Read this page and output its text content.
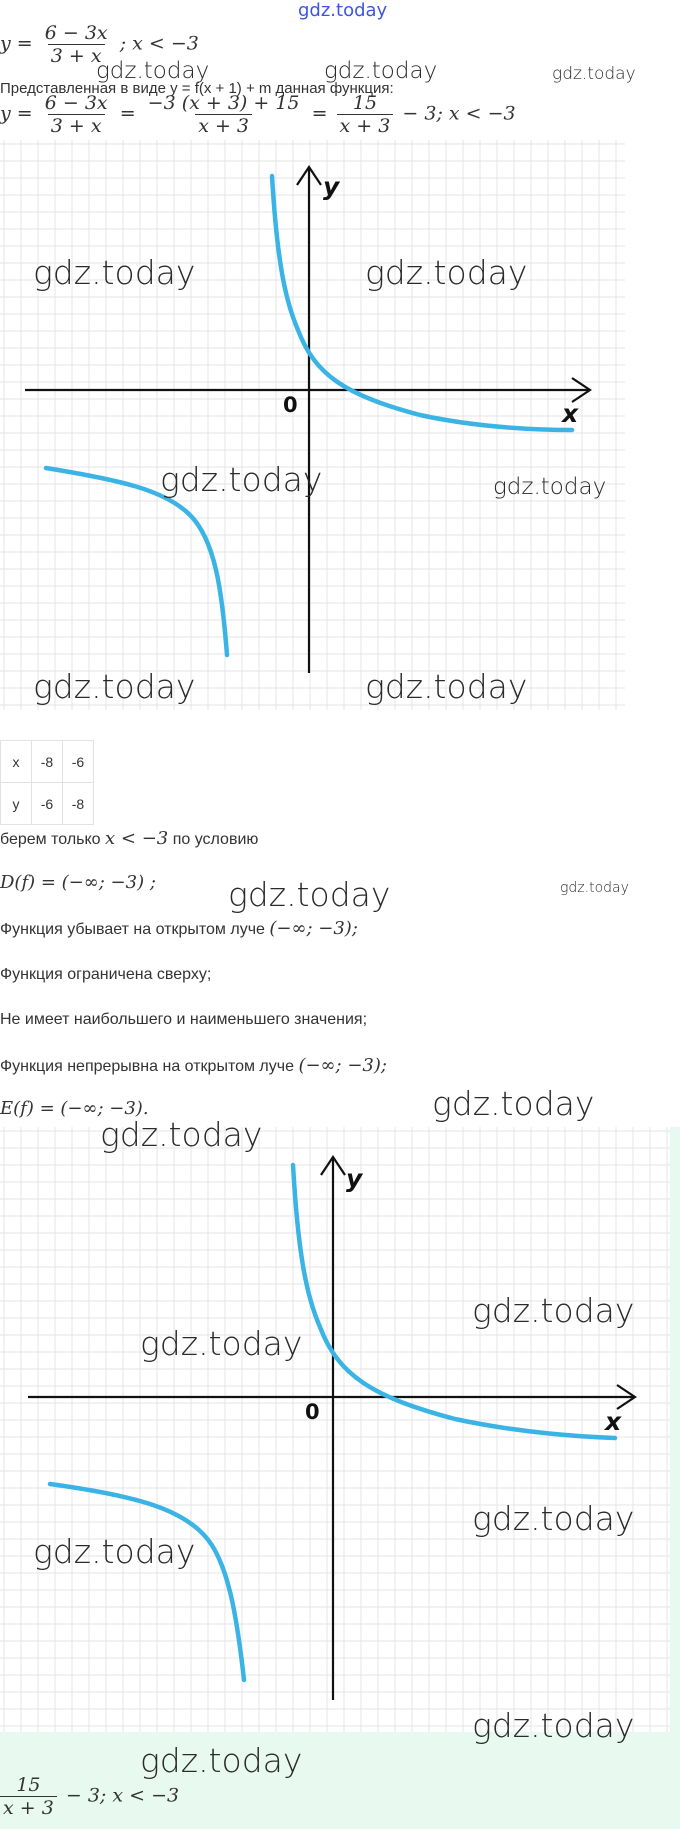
gdz.today
$y = \frac{6 - 3x}{3 + x}$ ; x < −3
Представленная в виде y = f(x + 1) + m данная функция:
$y = \frac{6 - 3x}{3 + x} = \frac{-3 (x + 3) + 15}{x + 3} = \frac{15}{x + 3} - 3$; x < −3
0	x
y
x	-8	-6
y	-6	-8
берем только x < −3 по условию
D(f) = (−∞; −3) ;
Функция убывает на открытом луче (−∞; −3);
Функция ограничена сверху;
Не имеет наибольшего и наименьшего значения;
Функция непрерывна на открытом луче (−∞; −3);
E(f) = (−∞; −3).
0	x
y
$\frac{15}{x + 3} - 3$; x < −3
gdz.today	gdz.today	gdz.today
gdz.today	gdz.today
gdz.today	gdz.today
gdz.today	gdz.today
gdz.today	gdz.today
gdz.today
gdz.today
gdz.today
gdz.today
gdz.today
gdz.today
gdz.today
gdz.today
